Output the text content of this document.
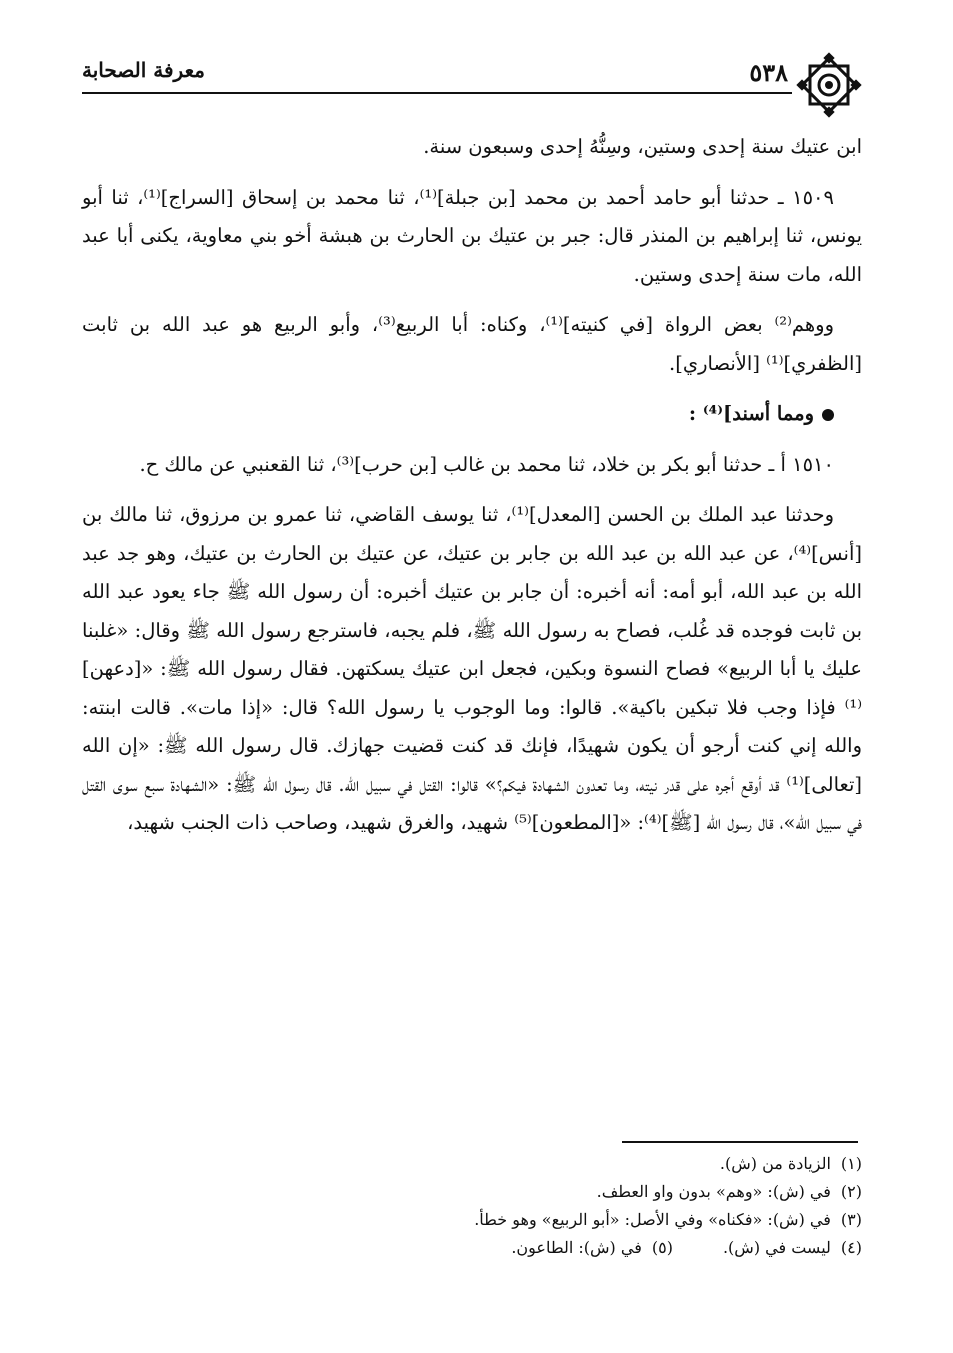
٥٣٨
معرفة الصحابة

ابن عتيك سنة إحدى وستين، وسِنُّهُ إحدى وسبعون سنة.

١٥٠٩ ـ حدثنا أبو حامد أحمد بن محمد [بن جبلة]⁽¹⁾، ثنا محمد بن إسحاق [السراج]⁽¹⁾، ثنا أبو يونس، ثنا إبراهيم بن المنذر قال: جبر بن عتيك بن الحارث بن هبشة أخو بني معاوية، يكنى أبا عبد الله، مات سنة إحدى وستين.

ووهم⁽²⁾ بعض الرواة [في كنيته]⁽¹⁾، وكناه: أبا الربيع⁽³⁾، وأبو الربيع هو عبد الله بن ثابت [الظفري]⁽¹⁾ [الأنصاري].

ومما أسند]⁽⁴⁾ :

١٥١٠ أ ـ حدثنا أبو بكر بن خلاد، ثنا محمد بن غالب [بن حرب]⁽³⁾، ثنا القعنبي عن مالك ح.

وحدثنا عبد الملك بن الحسن [المعدل]⁽¹⁾، ثنا يوسف القاضي، ثنا عمرو بن مرزوق، ثنا مالك بن [أنس]⁽⁴⁾، عن عبد الله بن عبد الله بن جابر بن عتيك، عن عتيك بن الحارث بن عتيك، وهو جد عبد الله بن عبد الله، أبو أمه: أنه أخبره: أن جابر بن عتيك أخبره: أن رسول الله ﷺ جاء يعود عبد الله بن ثابت فوجده قد غُلب، فصاح به رسول الله ﷺ، فلم يجبه، فاسترجع رسول الله ﷺ وقال: «غلبنا عليك يا أبا الربيع» فصاح النسوة وبكين، فجعل ابن عتيك يسكتهن. فقال رسول الله ﷺ: «[دعهن]⁽¹⁾ فإذا وجب فلا تبكين باكية». قالوا: وما الوجوب يا رسول الله؟ قال: «إذا مات». قالت ابنته: والله إني كنت أرجو أن يكون شهيدًا، فإنك قد كنت قضيت جهازك. قال رسول الله ﷺ: «إن الله [تعالى]⁽¹⁾ قد أوقع أجره على قدر نيته، وما تعدون الشهادة فيكم؟» قالوا: القتل في سبيل الله. قال رسول الله ﷺ: «الشهادة سبع سوى القتل في سبيل الله»، قال رسول الله [ﷺ]⁽⁴⁾: «[المطعون]⁽⁵⁾ شهيد، والغرق شهيد، وصاحب ذات الجنب شهيد،

(١)الزيادة من (ش).

(٢)في (ش): «وهم» بدون واو العطف.

(٣)في (ش): «فكناه» وفي الأصل: «أبو الربيع» وهو خطأ.

(٤)ليست في (ش).(٥)في (ش): الطاعون.
